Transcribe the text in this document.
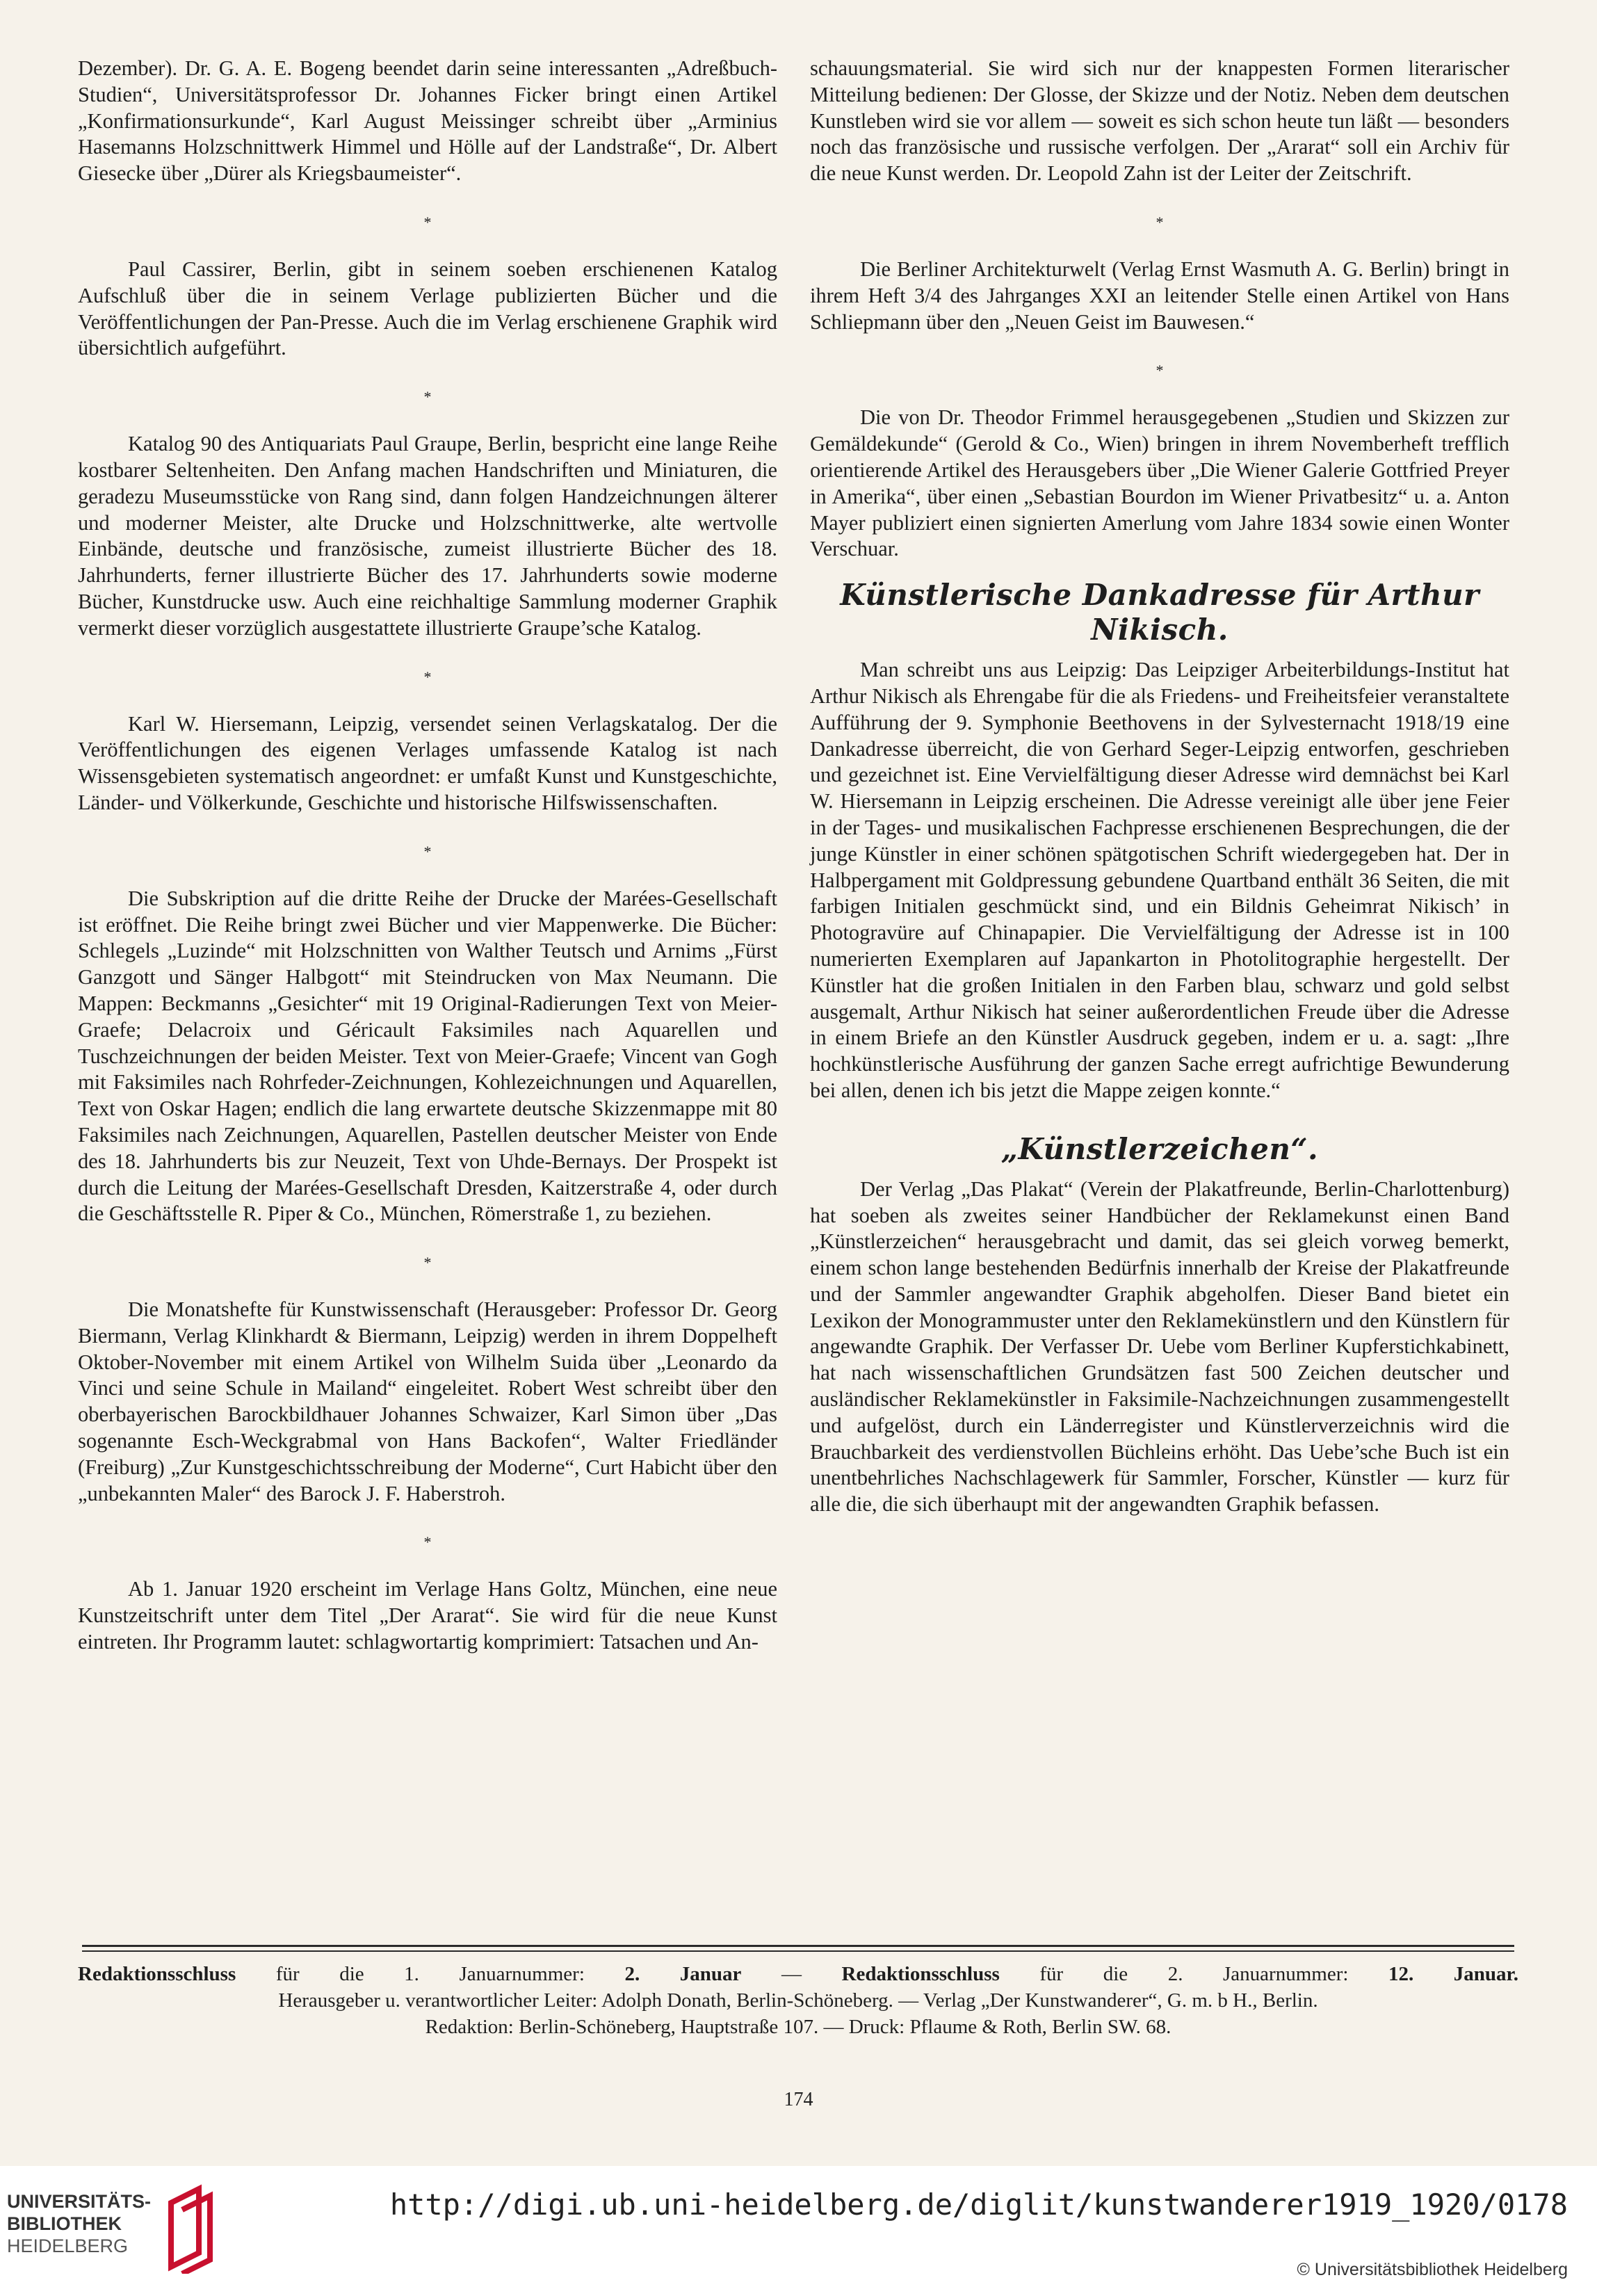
Dezember). Dr. G. A. E. Bogeng beendet darin seine interessanten „Adreßbuch-Studien“, Universitätsprofessor Dr. Johannes Ficker bringt einen Artikel „Konfirmationsurkunde“, Karl August Meissinger schreibt über „Arminius Hasemanns Holzschnittwerk Himmel und Hölle auf der Landstraße“, Dr. Albert Giesecke über „Dürer als Kriegsbaumeister“.

*

Paul Cassirer, Berlin, gibt in seinem soeben erschienenen Katalog Aufschluß über die in seinem Verlage publizierten Bücher und die Veröffentlichungen der Pan-Presse. Auch die im Verlag erschienene Graphik wird übersichtlich aufgeführt.

*

Katalog 90 des Antiquariats Paul Graupe, Berlin, bespricht eine lange Reihe kostbarer Seltenheiten. Den Anfang machen Handschriften und Miniaturen, die geradezu Museumsstücke von Rang sind, dann folgen Handzeichnungen älterer und moderner Meister, alte Drucke und Holzschnittwerke, alte wertvolle Einbände, deutsche und französische, zumeist illustrierte Bücher des 18. Jahrhunderts, ferner illustrierte Bücher des 17. Jahrhunderts sowie moderne Bücher, Kunstdrucke usw. Auch eine reichhaltige Sammlung moderner Graphik vermerkt dieser vorzüglich ausgestattete illustrierte Graupe’sche Katalog.

*

Karl W. Hiersemann, Leipzig, versendet seinen Verlagskatalog. Der die Veröffentlichungen des eigenen Verlages umfassende Katalog ist nach Wissensgebieten systematisch angeordnet: er umfaßt Kunst und Kunstgeschichte, Länder- und Völkerkunde, Geschichte und historische Hilfswissenschaften.

*

Die Subskription auf die dritte Reihe der Drucke der Marées-Gesellschaft ist eröffnet. Die Reihe bringt zwei Bücher und vier Mappenwerke. Die Bücher: Schlegels „Luzinde“ mit Holzschnitten von Walther Teutsch und Arnims „Fürst Ganzgott und Sänger Halbgott“ mit Steindrucken von Max Neumann. Die Mappen: Beckmanns „Gesichter“ mit 19 Original-Radierungen Text von Meier-Graefe; Delacroix und Géricault Faksimiles nach Aquarellen und Tuschzeichnungen der beiden Meister. Text von Meier-Graefe; Vincent van Gogh mit Faksimiles nach Rohrfeder-Zeichnungen, Kohlezeichnungen und Aquarellen, Text von Oskar Hagen; endlich die lang erwartete deutsche Skizzenmappe mit 80 Faksimiles nach Zeichnungen, Aquarellen, Pastellen deutscher Meister von Ende des 18. Jahrhunderts bis zur Neuzeit, Text von Uhde-Bernays. Der Prospekt ist durch die Leitung der Marées-Gesellschaft Dresden, Kaitzerstraße 4, oder durch die Geschäftsstelle R. Piper & Co., München, Römerstraße 1, zu beziehen.

*

Die Monatshefte für Kunstwissenschaft (Herausgeber: Professor Dr. Georg Biermann, Verlag Klinkhardt & Biermann, Leipzig) werden in ihrem Doppelheft Oktober-November mit einem Artikel von Wilhelm Suida über „Leonardo da Vinci und seine Schule in Mailand“ eingeleitet. Robert West schreibt über den oberbayerischen Barockbildhauer Johannes Schwaizer, Karl Simon über „Das sogenannte Esch-Weckgrabmal von Hans Backofen“, Walter Friedländer (Freiburg) „Zur Kunstgeschichtsschreibung der Moderne“, Curt Habicht über den „unbekannten Maler“ des Barock J. F. Haberstroh.

*

Ab 1. Januar 1920 erscheint im Verlage Hans Goltz, München, eine neue Kunstzeitschrift unter dem Titel „Der Ararat“. Sie wird für die neue Kunst eintreten. Ihr Programm lautet: schlagwortartig komprimiert: Tatsachen und An-

schauungsmaterial. Sie wird sich nur der knappesten Formen literarischer Mitteilung bedienen: Der Glosse, der Skizze und der Notiz. Neben dem deutschen Kunstleben wird sie vor allem — soweit es sich schon heute tun läßt — besonders noch das französische und russische verfolgen. Der „Ararat“ soll ein Archiv für die neue Kunst werden. Dr. Leopold Zahn ist der Leiter der Zeitschrift.

*

Die Berliner Architekturwelt (Verlag Ernst Wasmuth A. G. Berlin) bringt in ihrem Heft 3/4 des Jahrganges XXI an leitender Stelle einen Artikel von Hans Schliepmann über den „Neuen Geist im Bauwesen.“

*

Die von Dr. Theodor Frimmel herausgegebenen „Studien und Skizzen zur Gemäldekunde“ (Gerold & Co., Wien) bringen in ihrem Novemberheft trefflich orientierende Artikel des Herausgebers über „Die Wiener Galerie Gottfried Preyer in Amerika“, über einen „Sebastian Bourdon im Wiener Privatbesitz“ u. a. Anton Mayer publiziert einen signierten Amerlung vom Jahre 1834 sowie einen Wonter Verschuar.

Künstlerische Dankadresse für Arthur Nikisch.

Man schreibt uns aus Leipzig: Das Leipziger Arbeiterbildungs-Institut hat Arthur Nikisch als Ehrengabe für die als Friedens- und Freiheitsfeier veranstaltete Aufführung der 9. Symphonie Beethovens in der Sylvesternacht 1918/19 eine Dankadresse überreicht, die von Gerhard Seger-Leipzig entworfen, geschrieben und gezeichnet ist. Eine Vervielfältigung dieser Adresse wird demnächst bei Karl W. Hiersemann in Leipzig erscheinen. Die Adresse vereinigt alle über jene Feier in der Tages- und musikalischen Fachpresse erschienenen Besprechungen, die der junge Künstler in einer schönen spätgotischen Schrift wiedergegeben hat. Der in Halbpergament mit Goldpressung gebundene Quartband enthält 36 Seiten, die mit farbigen Initialen geschmückt sind, und ein Bildnis Geheimrat Nikisch’ in Photogravüre auf Chinapapier. Die Vervielfältigung der Adresse ist in 100 numerierten Exemplaren auf Japankarton in Photolitographie hergestellt. Der Künstler hat die großen Initialen in den Farben blau, schwarz und gold selbst ausgemalt, Arthur Nikisch hat seiner außerordentlichen Freude über die Adresse in einem Briefe an den Künstler Ausdruck gegeben, indem er u. a. sagt: „Ihre hochkünstlerische Ausführung der ganzen Sache erregt aufrichtige Bewunderung bei allen, denen ich bis jetzt die Mappe zeigen konnte.“

„Künstlerzeichen“.

Der Verlag „Das Plakat“ (Verein der Plakatfreunde, Berlin-Charlottenburg) hat soeben als zweites seiner Handbücher der Reklamekunst einen Band „Künstlerzeichen“ herausgebracht und damit, das sei gleich vorweg bemerkt, einem schon lange bestehenden Bedürfnis innerhalb der Kreise der Plakatfreunde und der Sammler angewandter Graphik abgeholfen. Dieser Band bietet ein Lexikon der Monogrammuster unter den Reklamekünstlern und den Künstlern für angewandte Graphik. Der Verfasser Dr. Uebe vom Berliner Kupferstichkabinett, hat nach wissenschaftlichen Grundsätzen fast 500 Zeichen deutscher und ausländischer Reklamekünstler in Faksimile-Nachzeichnungen zusammengestellt und aufgelöst, durch ein Länderregister und Künstlerverzeichnis wird die Brauchbarkeit des verdienstvollen Büchleins erhöht. Das Uebe’sche Buch ist ein unentbehrliches Nachschlagewerk für Sammler, Forscher, Künstler — kurz für alle die, die sich überhaupt mit der angewandten Graphik befassen.

Redaktionsschluss für die 1. Januarnummer: 2. Januar — Redaktionsschluss für die 2. Januarnummer: 12. Januar.
Herausgeber u. verantwortlicher Leiter: Adolph Donath, Berlin-Schöneberg. — Verlag „Der Kunstwanderer“, G. m. b H., Berlin.
Redaktion: Berlin-Schöneberg, Hauptstraße 107. — Druck: Pflaume & Roth, Berlin SW. 68.
174
UNIVERSITÄTS-
BIBLIOTHEK
HEIDELBERG
http://digi.ub.uni-heidelberg.de/diglit/kunstwanderer1919_1920/0178
© Universitätsbibliothek Heidelberg
